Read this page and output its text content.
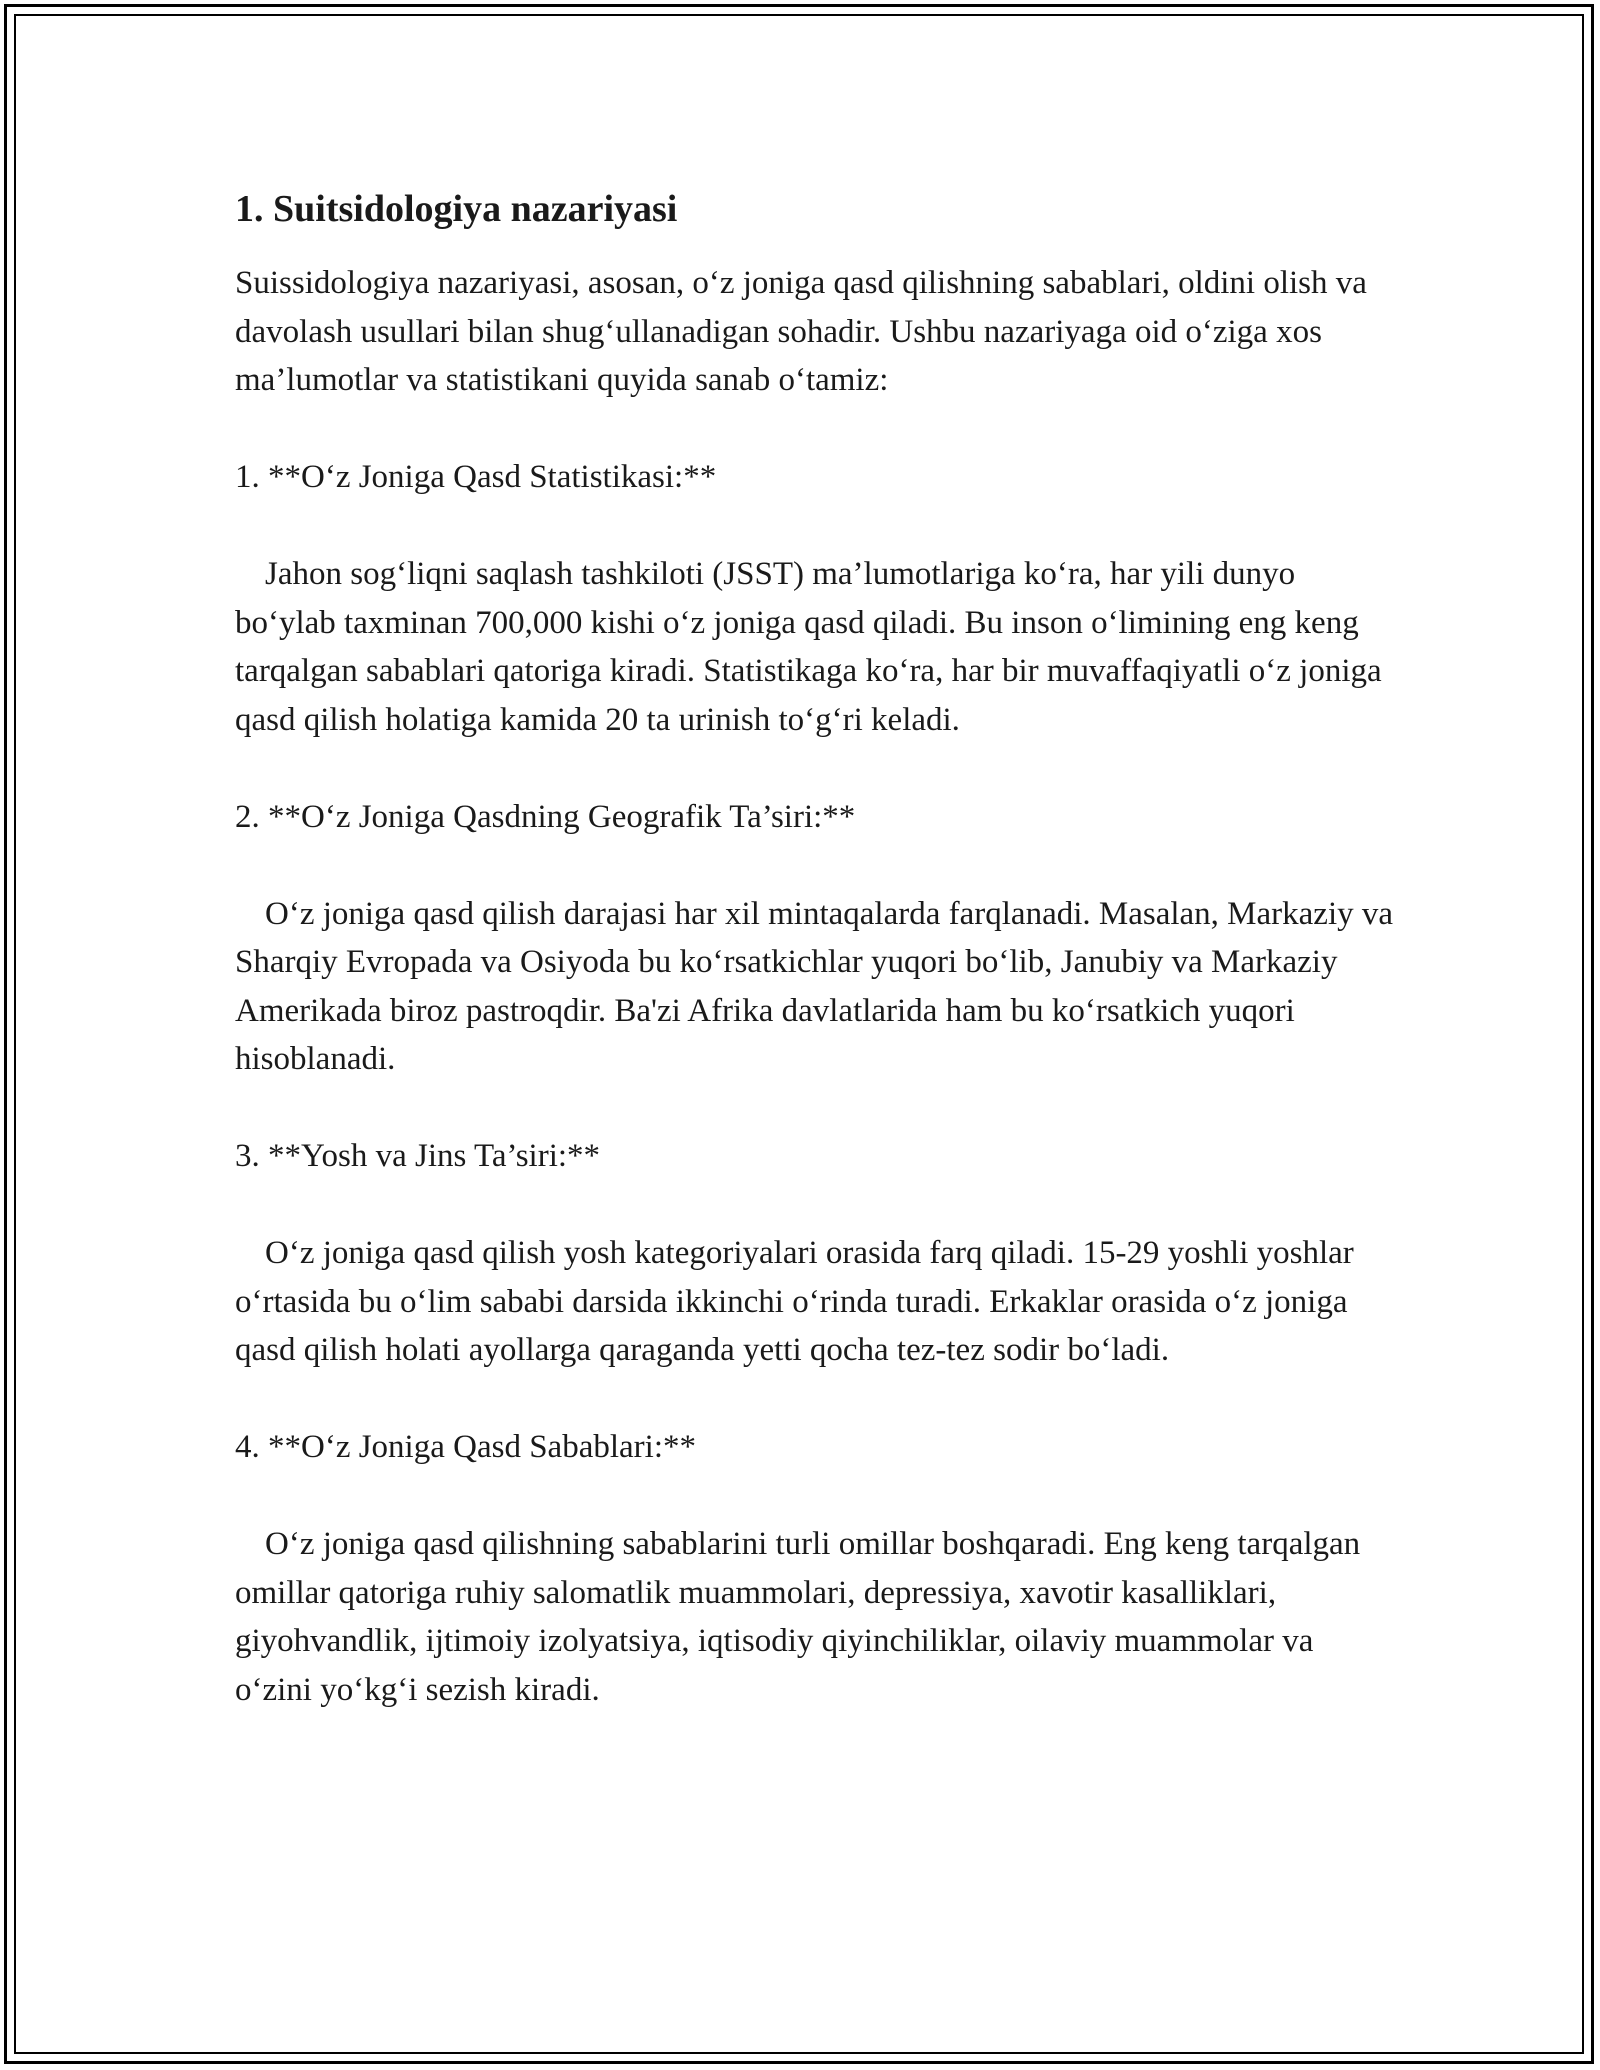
1. Suitsidologiya nazariyasi

Suissidologiya nazariyasi, asosan, o‘z joniga qasd qilishning sabablari, oldini olish va davolash usullari bilan shug‘ullanadigan sohadir. Ushbu nazariyaga oid o‘ziga xos ma’lumotlar va statistikani quyida sanab o‘tamiz:

1. **O‘z Joniga Qasd Statistikasi:**

Jahon sog‘liqni saqlash tashkiloti (JSST) ma’lumotlariga ko‘ra, har yili dunyo bo‘ylab taxminan 700,000 kishi o‘z joniga qasd qiladi. Bu inson o‘limining eng keng tarqalgan sabablari qatoriga kiradi. Statistikaga ko‘ra, har bir muvaffaqiyatli o‘z joniga qasd qilish holatiga kamida 20 ta urinish to‘g‘ri keladi.

2. **O‘z Joniga Qasdning Geografik Ta’siri:**

O‘z joniga qasd qilish darajasi har xil mintaqalarda farqlanadi. Masalan, Markaziy va Sharqiy Evropada va Osiyoda bu ko‘rsatkichlar yuqori bo‘lib, Janubiy va Markaziy Amerikada biroz pastroqdir. Ba'zi Afrika davlatlarida ham bu ko‘rsatkich yuqori hisoblanadi.

3. **Yosh va Jins Ta’siri:**

O‘z joniga qasd qilish yosh kategoriyalari orasida farq qiladi. 15-29 yoshli yoshlar o‘rtasida bu o‘lim sababi darsida ikkinchi o‘rinda turadi. Erkaklar orasida o‘z joniga qasd qilish holati ayollarga qaraganda yetti qocha tez-tez sodir bo‘ladi.

4. **O‘z Joniga Qasd Sabablari:**

O‘z joniga qasd qilishning sabablarini turli omillar boshqaradi. Eng keng tarqalgan omillar qatoriga ruhiy salomatlik muammolari, depressiya, xavotir kasalliklari, giyohvandlik, ijtimoiy izolyatsiya, iqtisodiy qiyinchiliklar, oilaviy muammolar va o‘zini yo‘kg‘i sezish kiradi.
